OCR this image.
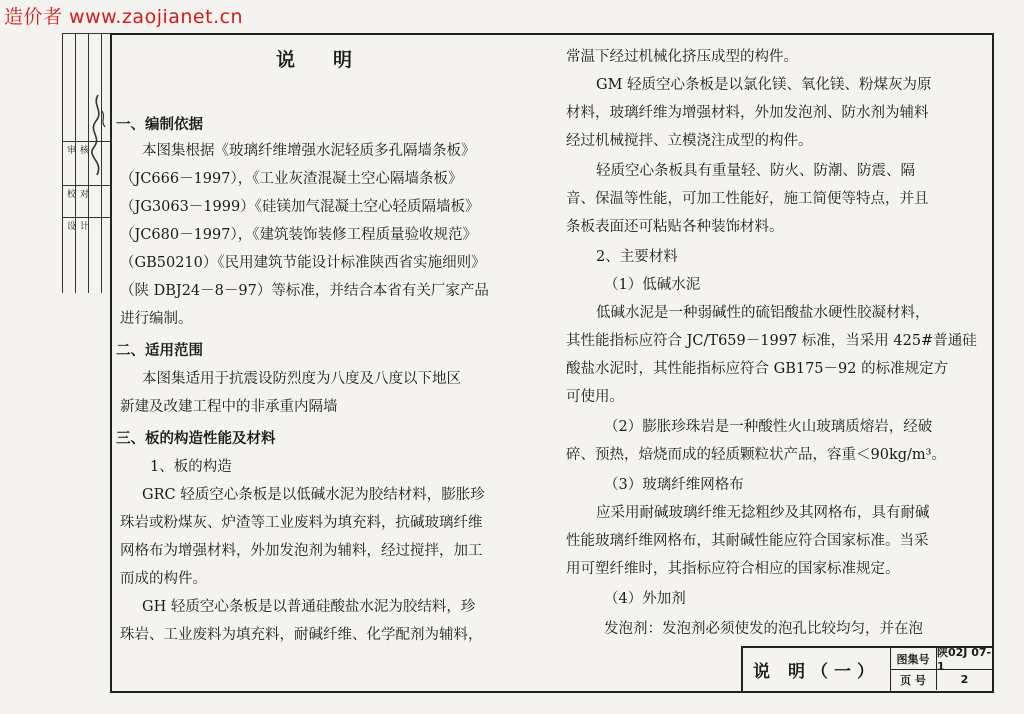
造价者 www.zaojianet.cn
审
校
设
核
对
计
说明
一、编制依据
本图集根据《玻璃纤维增强水泥轻质多孔隔墙条板》
（JC666－1997），《工业灰渣混凝土空心隔墙条板》
（JG3063－1999）《硅镁加气混凝土空心轻质隔墙板》
（JC680－1997），《建筑装饰装修工程质量验收规范》
（GB50210）《民用建筑节能设计标准陕西省实施细则》
（陕 DBJ24－8－97）等标准，并结合本省有关厂家产品
进行编制。
二、适用范围
本图集适用于抗震设防烈度为八度及八度以下地区
新建及改建工程中的非承重内隔墙
三、板的构造性能及材料
1、板的构造
GRC 轻质空心条板是以低碱水泥为胶结材料，膨胀珍
珠岩或粉煤灰、炉渣等工业废料为填充料，抗碱玻璃纤维
网格布为增强材料，外加发泡剂为辅料，经过搅拌，加工
而成的构件。
GH 轻质空心条板是以普通硅酸盐水泥为胶结料，珍
珠岩、工业废料为填充料，耐碱纤维、化学配剂为辅料，
常温下经过机械化挤压成型的构件。
GM 轻质空心条板是以氯化镁、氧化镁、粉煤灰为原
材料，玻璃纤维为增强材料，外加发泡剂、防水剂为辅料
经过机械搅拌、立模浇注成型的构件。
轻质空心条板具有重量轻、防火、防潮、防震、隔
音、保温等性能，可加工性能好，施工简便等特点，并且
条板表面还可粘贴各种装饰材料。
2、主要材料
（1）低碱水泥
低碱水泥是一种弱碱性的硫铝酸盐水硬性胶凝材料，
其性能指标应符合 JC/T659－1997 标准，当采用 425#普通硅
酸盐水泥时，其性能指标应符合 GB175－92 的标准规定方
可使用。
（2）膨胀珍珠岩是一种酸性火山玻璃质熔岩，经破
碎、预热，焙烧而成的轻质颗粒状产品，容重＜90kg/m³。
（3）玻璃纤维网格布
应采用耐碱玻璃纤维无捻粗纱及其网格布，具有耐碱
性能玻璃纤维网格布，其耐碱性能应符合国家标准。当采
用可塑纤维时，其指标应符合相应的国家标准规定。
（4）外加剂
发泡剂：发泡剂必须使发的泡孔比较均匀，并在泡
说 明（一）
图集号 陕02J 07-1
页 号	2
